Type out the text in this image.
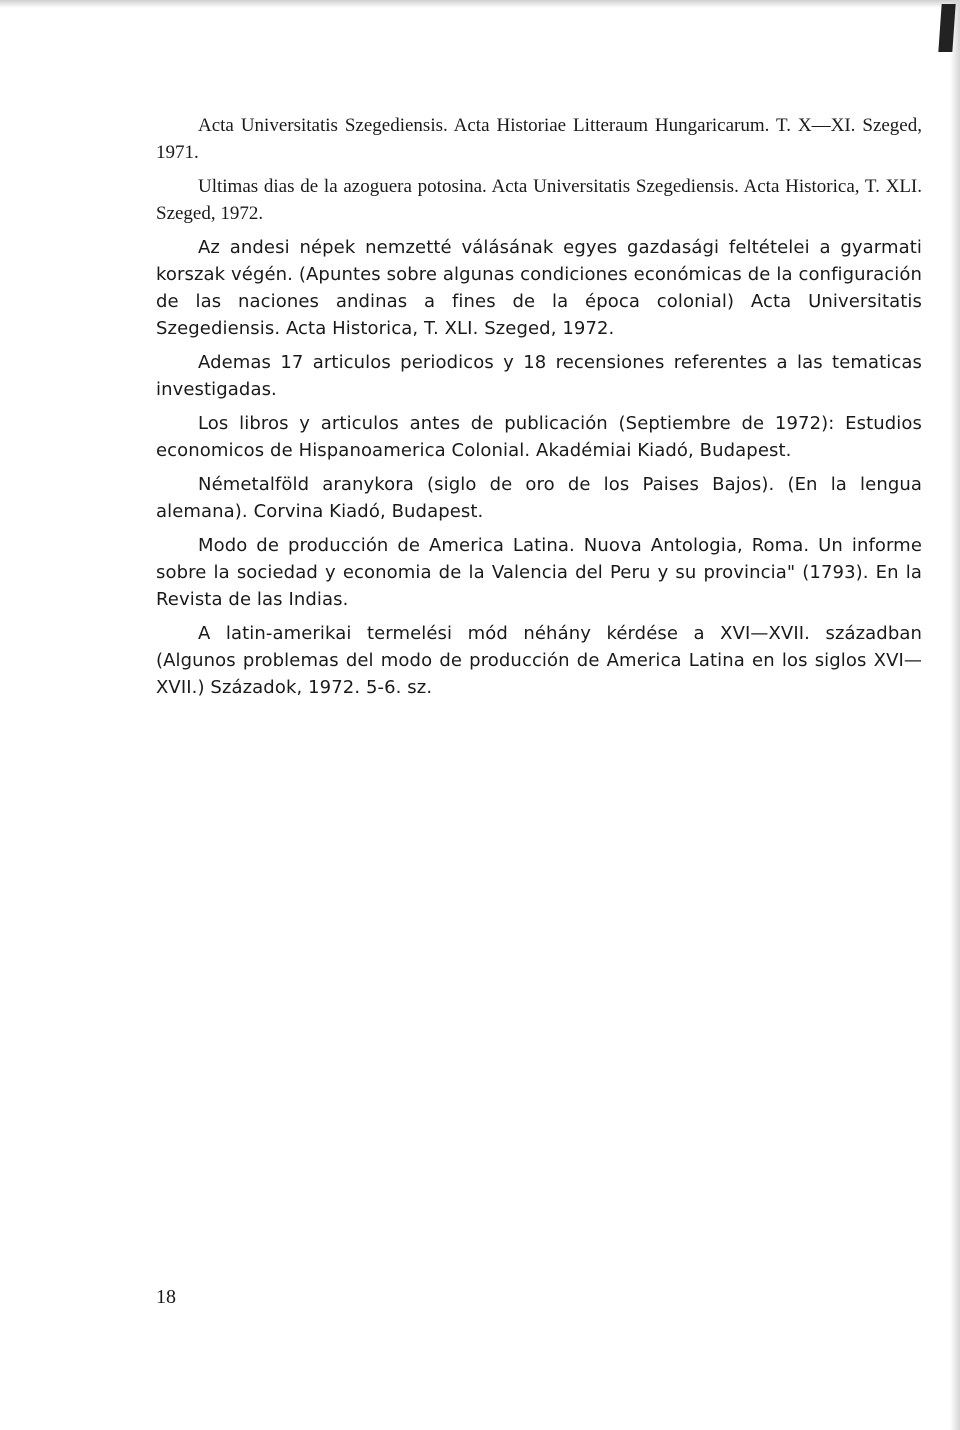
Acta Universitatis Szegediensis. Acta Historiae Litteraum Hungaricarum. T. X—XI. Szeged, 1971.

Ultimas dias de la azoguera potosina. Acta Universitatis Szegediensis. Acta Historica, T. XLI. Szeged, 1972.

Az andesi népek nemzetté válásának egyes gazdasági feltételei a gyarmati korszak végén. (Apuntes sobre algunas condiciones económicas de la configuración de las naciones andinas a fines de la época colonial) Acta Universitatis Szegediensis. Acta Historica, T. XLI. Szeged, 1972.

Ademas 17 articulos periodicos y 18 recensiones referentes a las tematicas investigadas.

Los libros y articulos antes de publicación (Septiembre de 1972): Estudios economicos de Hispanoamerica Colonial. Akadémiai Kiadó, Budapest.

Németalföld aranykora (siglo de oro de los Paises Bajos). (En la lengua alemana). Corvina Kiadó, Budapest.

Modo de producción de America Latina. Nuova Antologia, Roma. Un informe sobre la sociedad y economia de la Valencia del Peru y su provincia" (1793). En la Revista de las Indias.

A latin-amerikai termelési mód néhány kérdése a XVI—XVII. században (Algunos problemas del modo de producción de America Latina en los siglos XVI—XVII.) Századok, 1972. 5-6. sz.

18
